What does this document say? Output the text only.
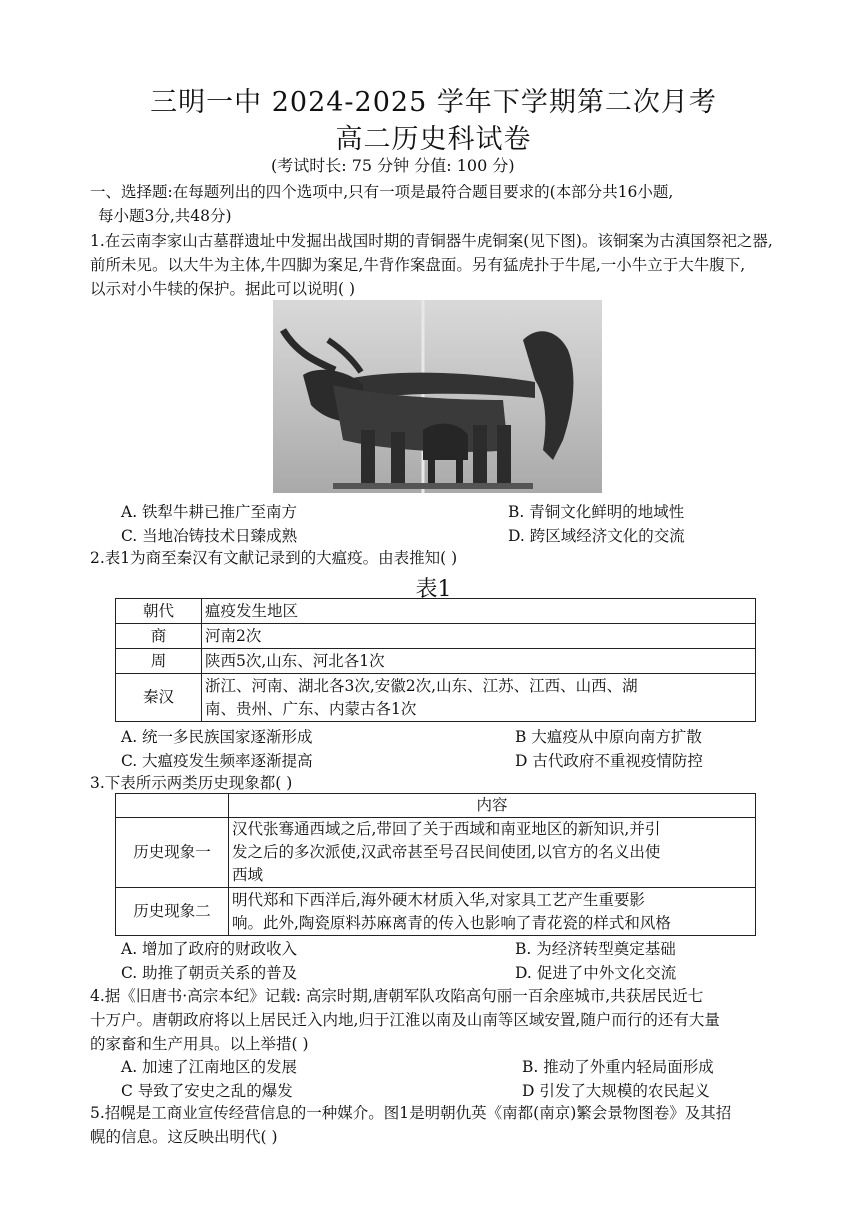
三明一中 2024-2025 学年下学期第二次月考
高二历史科试卷
(考试时长: 75 分钟 分值: 100 分)
一、选择题:在每题列出的四个选项中,只有一项是最符合题目要求的(本部分共16小题,
每小题3分,共48分)
1.在云南李家山古墓群遗址中发掘出战国时期的青铜器牛虎铜案(见下图)。该铜案为古滇国祭祀之器,
前所未见。以大牛为主体,牛四脚为案足,牛背作案盘面。另有猛虎扑于牛尾,一小牛立于大牛腹下,
以示对小牛犊的保护。据此可以说明( )
A. 铁犁牛耕已推广至南方	B. 青铜文化鲜明的地域性
C. 当地冶铸技术日臻成熟	D. 跨区域经济文化的交流
2.表1为商至秦汉有文献记录到的大瘟疫。由表推知( )
表1
朝代	瘟疫发生地区
商	河南2次
周	陕西5次,山东、河北各1次
秦汉	浙江、河南、湖北各3次,安徽2次,山东、江苏、江西、山西、湖
南、贵州、广东、内蒙古各1次
A. 统一多民族国家逐渐形成	B 大瘟疫从中原向南方扩散
C. 大瘟疫发生频率逐渐提高	D 古代政府不重视疫情防控
3.下表所示两类历史现象都( )
	内容
历史现象一	汉代张骞通西域之后,带回了关于西域和南亚地区的新知识,并引
发之后的多次派使,汉武帝甚至号召民间使团,以官方的名义出使
西域

历史现象二	明代郑和下西洋后,海外硬木材质入华,对家具工艺产生重要影
响。此外,陶瓷原料苏麻离青的传入也影响了青花瓷的样式和风格
A. 增加了政府的财政收入	B. 为经济转型奠定基础
C. 助推了朝贡关系的普及	D. 促进了中外文化交流
4.据《旧唐书·高宗本纪》记载: 高宗时期,唐朝军队攻陷高句丽一百余座城市,共获居民近七
十万户。唐朝政府将以上居民迁入内地,归于江淮以南及山南等区域安置,随户而行的还有大量
的家畜和生产用具。以上举措( )
A. 加速了江南地区的发展	B. 推动了外重内轻局面形成
C 导致了安史之乱的爆发	D 引发了大规模的农民起义
5.招幌是工商业宣传经营信息的一种媒介。图1是明朝仇英《南都(南京)繁会景物图卷》及其招
幌的信息。这反映出明代( )
